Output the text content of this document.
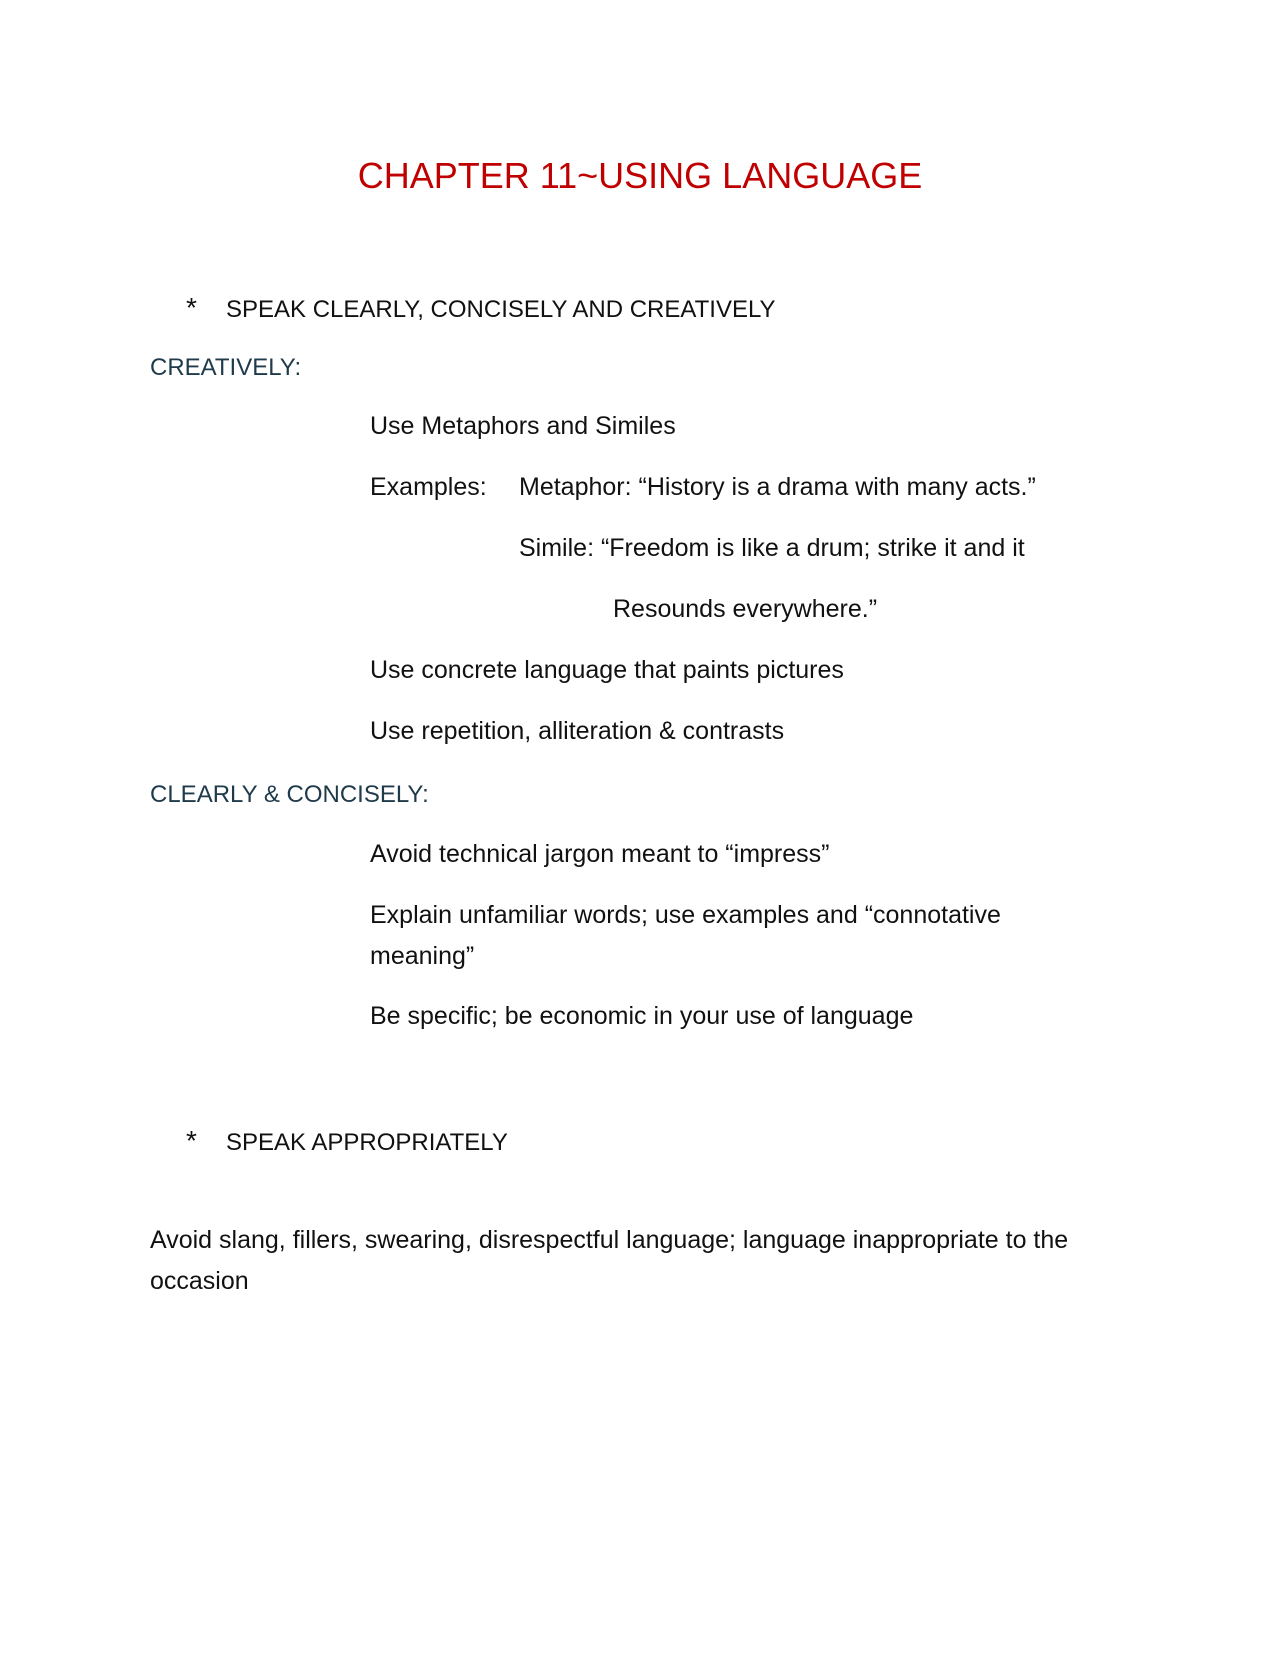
CHAPTER 11~USING LANGUAGE
* SPEAK CLEARLY, CONCISELY AND CREATIVELY
CREATIVELY:
Use Metaphors and Similes
Examples: Metaphor: “History is a drama with many acts.”
Simile: “Freedom is like a drum; strike it and it
Resounds everywhere.”
Use concrete language that paints pictures
Use repetition, alliteration & contrasts
CLEARLY & CONCISELY:
Avoid technical jargon meant to “impress”
Explain unfamiliar words; use examples and “connotative meaning”
Be specific; be economic in your use of language
* SPEAK APPROPRIATELY
Avoid slang, fillers, swearing, disrespectful language; language inappropriate to the occasion
